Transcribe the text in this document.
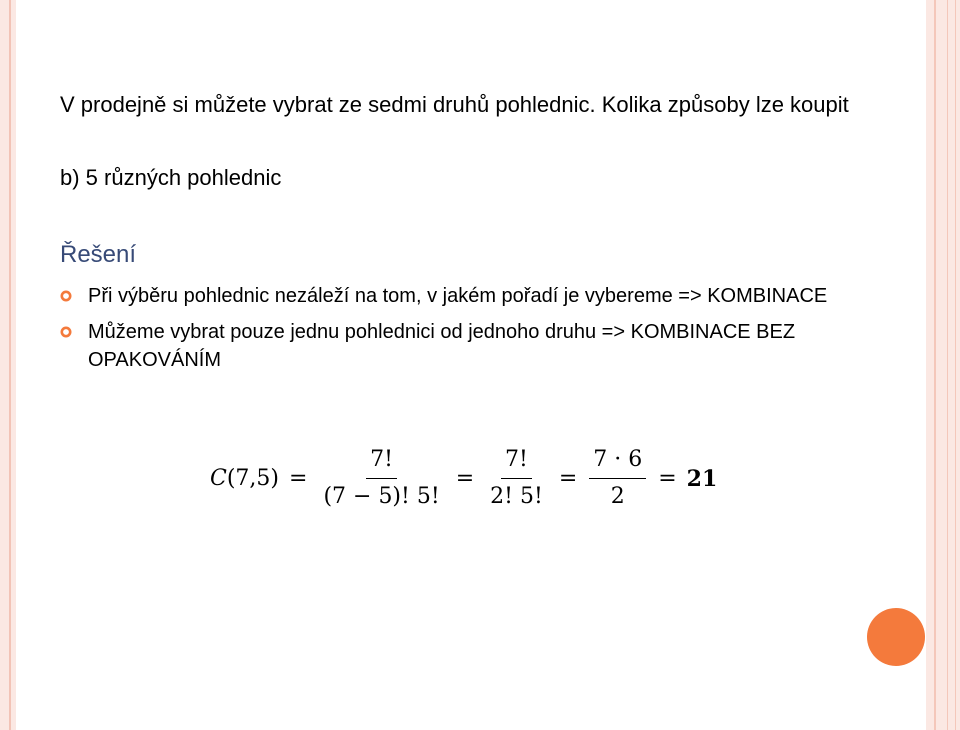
V prodejně si můžete vybrat ze sedmi druhů pohlednic. Kolika způsoby lze koupit

b) 5 různých pohlednic

Řešení
Při výběru pohlednic nezáleží na tom, v jakém pořadí je vybereme => KOMBINACE
Můžeme vybrat pouze jednu pohlednici od jednoho druhu => KOMBINACE BEZ OPAKOVÁNÍM
C $(7,5) = \frac{7!}{(7 - 5)! 5!} = \frac{7!}{2! 5!} = \frac{7 \cdot 6}{2} = 21$
